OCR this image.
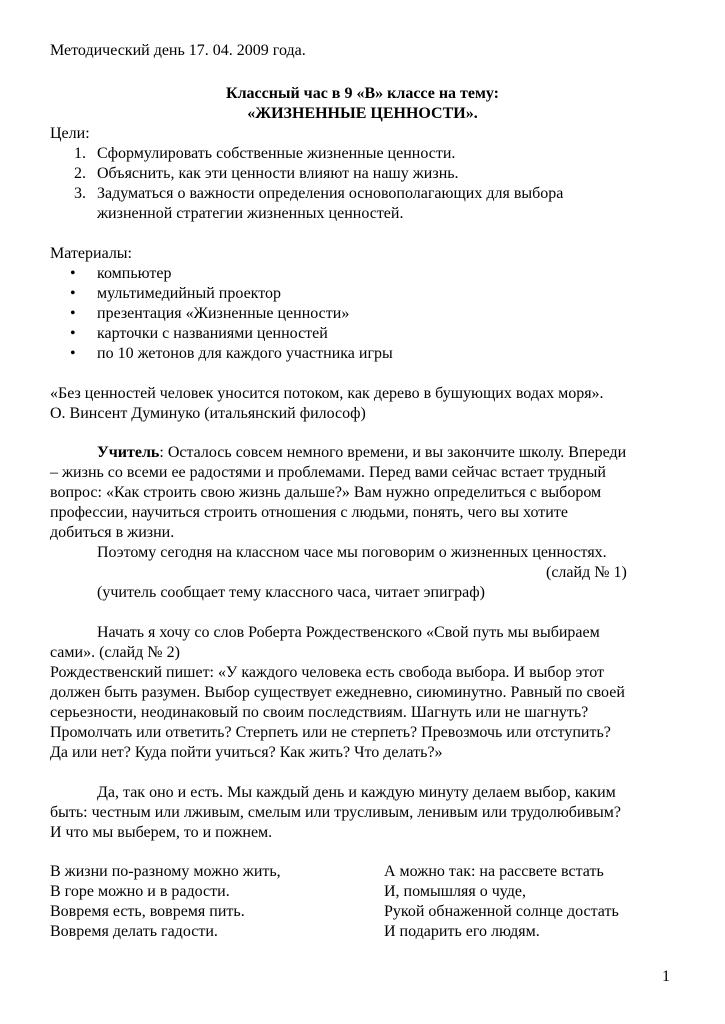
Методический день 17. 04. 2009 года.

Классный час в 9 «В» классе на тему:
«ЖИЗНЕННЫЕ ЦЕННОСТИ».

Цели:

1. Сформулировать собственные жизненные ценности.
2. Объяснить, как эти ценности влияют на нашу жизнь.
3. Задуматься о важности определения основополагающих для выбора
жизненной стратегии жизненных ценностей.

Материалы:

• компьютер
• мультимедийный проектор
• презентация «Жизненные ценности»
• карточки с названиями ценностей
• по 10 жетонов для каждого участника игры

«Без ценностей человек уносится потоком, как дерево в бушующих водах моря».

О. Винсент Думинуко (итальянский философ)

Учитель: Осталось совсем немного времени, и вы закончите школу. Впереди

– жизнь со всеми ее радостями и проблемами. Перед вами сейчас встает трудный

вопрос: «Как строить свою жизнь дальше?» Вам нужно определиться с выбором

профессии, научиться строить отношения с людьми, понять, чего вы хотите

добиться в жизни.

Поэтому сегодня на классном часе мы поговорим о жизненных ценностях.

(слайд № 1)

(учитель сообщает тему классного часа, читает эпиграф)

Начать я хочу со слов Роберта Рождественского «Свой путь мы выбираем

сами». (слайд № 2)

Рождественский пишет: «У каждого человека есть свобода выбора. И выбор этот

должен быть разумен. Выбор существует ежедневно, сиюминутно. Равный по своей

серьезности, неодинаковый по своим последствиям. Шагнуть или не шагнуть?

Промолчать или ответить? Стерпеть или не стерпеть? Превозмочь или отступить?

Да или нет? Куда пойти учиться? Как жить? Что делать?»

Да, так оно и есть. Мы каждый день и каждую минуту делаем выбор, каким

быть: честным или лживым, смелым или трусливым, ленивым или трудолюбивым?

И что мы выберем, то и пожнем.

В жизни по-разному можно жить,

В горе можно и в радости.

Вовремя есть, вовремя пить.

Вовремя делать гадости.

А можно так: на рассвете встать

И, помышляя о чуде,

Рукой обнаженной солнце достать

И подарить его людям.

1
